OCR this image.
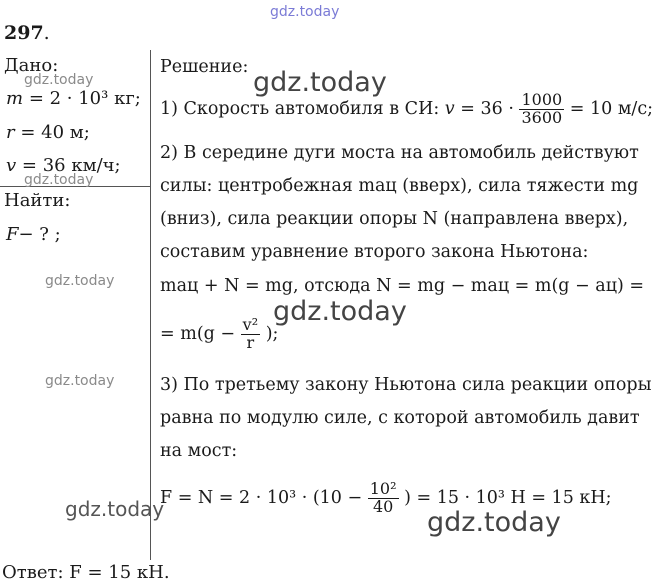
gdz.today
gdz.today
gdz.today
gdz.today
gdz.today
gdz.today
gdz.today
gdz.today
gdz.today
297.
Дано:
m = 2 · 10³ кг;
r = 40 м;
v = 36 км/ч;
Найти:
F− ? ;
Решение:
1) Скорость автомобиля в СИ: $v = 36 \cdot \frac{1000}{3600} = 10$ м/с;
2) В середине дуги моста на автомобиль действуют
силы: центробежная maц (вверх), сила тяжести mg
(вниз), сила реакции опоры N (направлена вверх),
составим уравнение второго закона Ньютона:
maц + N = mg, отсюда N = mg − maц = m(g − aц) =
= $m(g - \frac{\text{v²}}{r}$ );
3) По третьему закону Ньютона сила реакции опоры
равна по модулю силе, с которой автомобиль давит
на мост:
$F = N = 2 \cdot 10^3 \cdot (10 - \frac{\text{10²}}{40}$ ) = 15 · 10³ Н = 15 кН;
Ответ: F = 15 кН.
